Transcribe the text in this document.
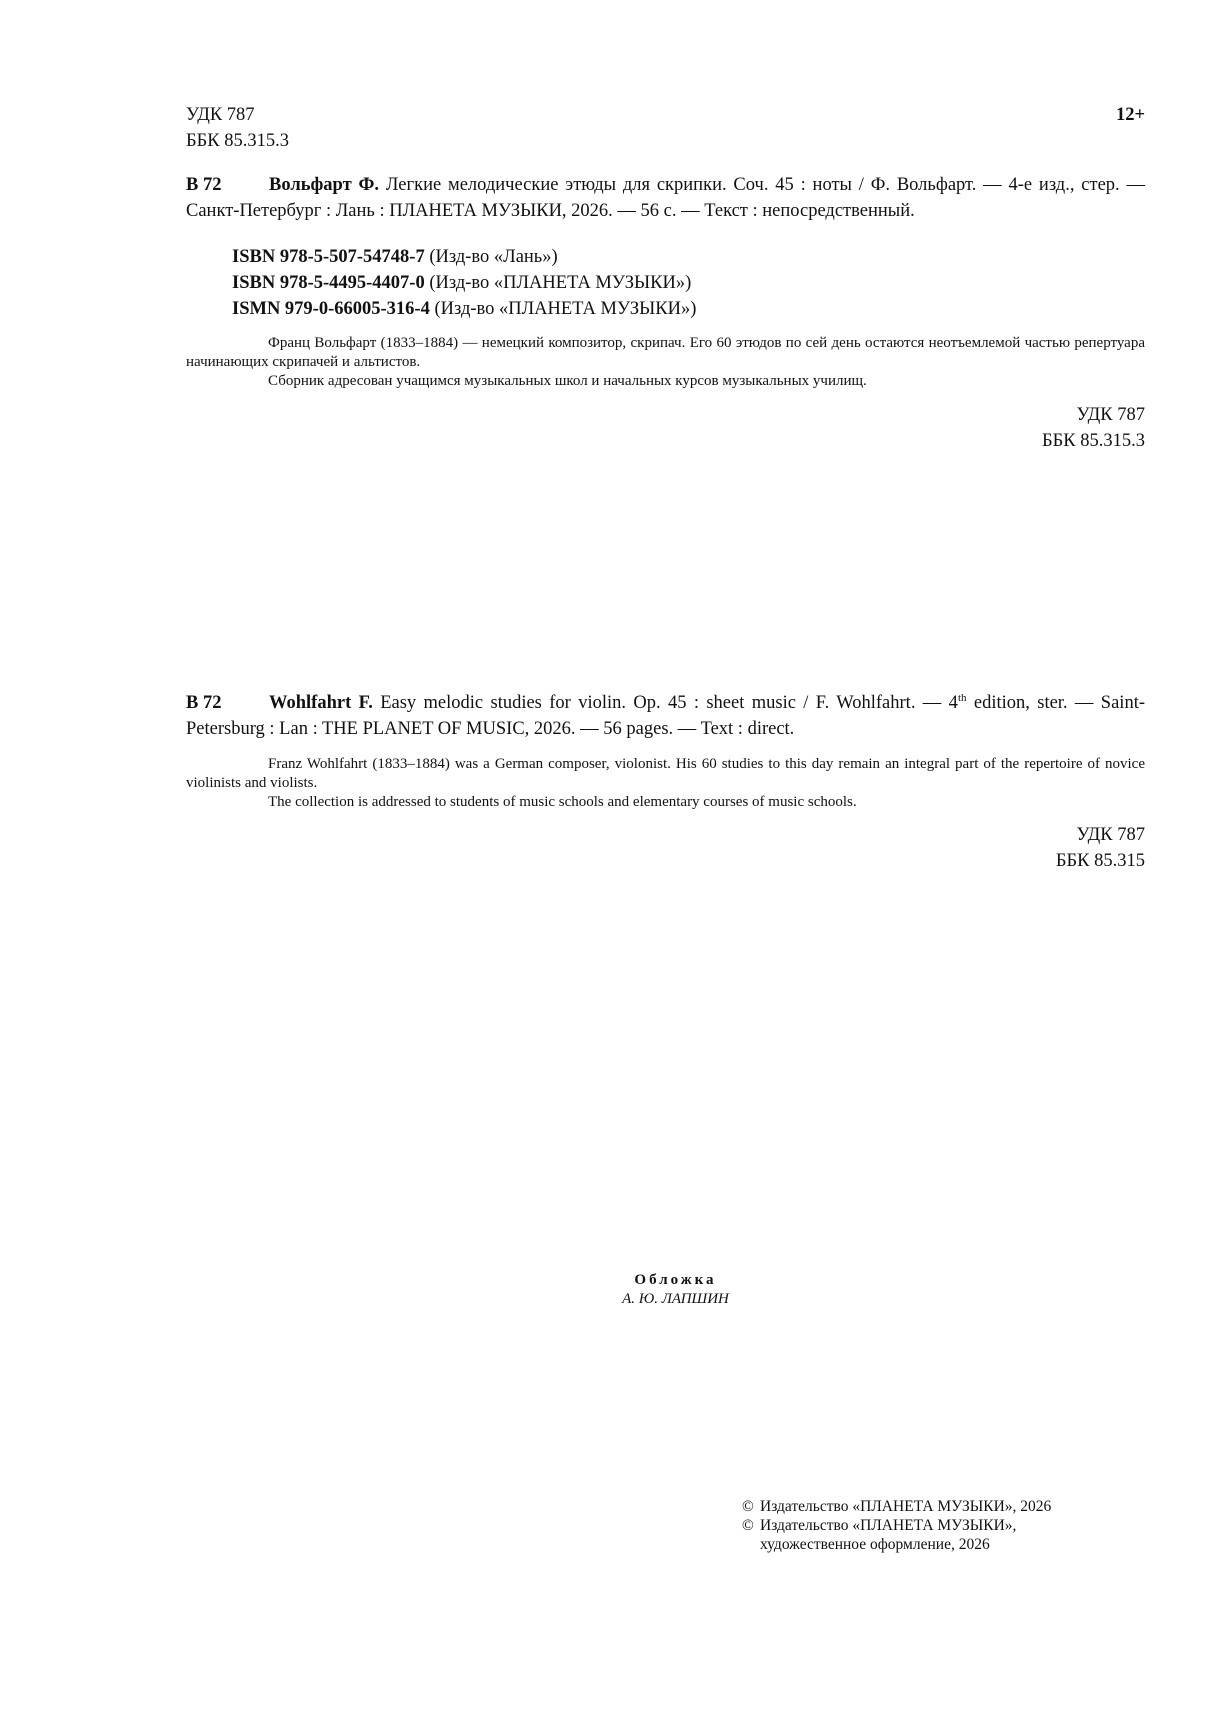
УДК 787
ББК 85.315.3
12+
В 72	Вольфарт Ф. Легкие мелодические этюды для скрипки. Соч. 45 : ноты / Ф. Вольфарт. — 4-е изд., стер. — Санкт-Петербург : Лань : ПЛАНЕТА МУЗЫКИ, 2026. — 56 с. — Текст : непосредственный.
ISBN 978-5-507-54748-7 (Изд-во «Лань»)
ISBN 978-5-4495-4407-0 (Изд-во «ПЛАНЕТА МУЗЫКИ»)
ISMN 979-0-66005-316-4 (Изд-во «ПЛАНЕТА МУЗЫКИ»)
Франц Вольфарт (1833–1884) — немецкий композитор, скрипач. Его 60 этюдов по сей день остаются неотъемлемой частью репертуара начинающих скрипачей и альтистов.
Сборник адресован учащимся музыкальных школ и начальных курсов музыкальных училищ.
УДК 787
ББК 85.315.3
В 72	Wohlfahrt F. Easy melodic studies for violin. Op. 45 : sheet music / F. Wohlfahrt. — 4th edition, ster. — Saint-Petersburg : Lan : THE PLANET OF MUSIC, 2026. — 56 pages. — Text : direct.
Franz Wohlfahrt (1833–1884) was a German composer, violonist. His 60 studies to this day remain an integral part of the repertoire of novice violinists and violists.
The collection is addressed to students of music schools and elementary courses of music schools.
УДК 787
ББК 85.315
Обложка
А. Ю. ЛАПШИН
© Издательство «ПЛАНЕТА МУЗЫКИ», 2026
© Издательство «ПЛАНЕТА МУЗЫКИ»,
художественное оформление, 2026
